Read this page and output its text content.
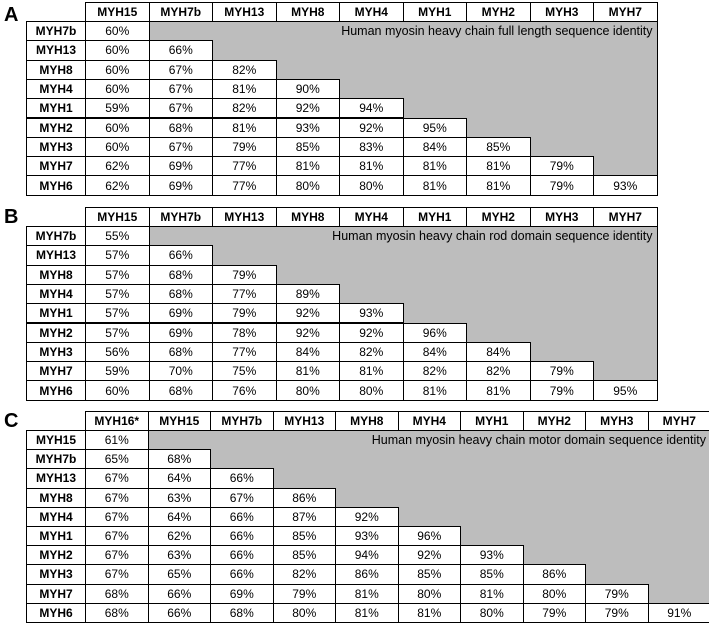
A
Human myosin heavy chain full length sequence identity
MYH15	MYH7b	MYH13	MYH8	MYH4	MYH1	MYH2	MYH3	MYH7
MYH7b	60%
MYH13	60%	66%
MYH8	60%	67%	82%
MYH4	60%	67%	81%	90%
MYH1	59%	67%	82%	92%	94%
MYH2	60%	68%	81%	93%	92%	95%
MYH3	60%	67%	79%	85%	83%	84%	85%
MYH7	62%	69%	77%	81%	81%	81%	81%	79%
MYH6	62%	69%	77%	80%	80%	81%	81%	79%	93%
B
Human myosin heavy chain rod domain sequence identity
MYH15	MYH7b	MYH13	MYH8	MYH4	MYH1	MYH2	MYH3	MYH7
MYH7b	55%
MYH13	57%	66%
MYH8	57%	68%	79%
MYH4	57%	68%	77%	89%
MYH1	57%	69%	79%	92%	93%
MYH2	57%	69%	78%	92%	92%	96%
MYH3	56%	68%	77%	84%	82%	84%	84%
MYH7	59%	70%	75%	81%	81%	82%	82%	79%
MYH6	60%	68%	76%	80%	80%	81%	81%	79%	95%
C
Human myosin heavy chain motor domain sequence identity
MYH16*	MYH15	MYH7b	MYH13	MYH8	MYH4	MYH1	MYH2	MYH3	MYH7
MYH15	61%
MYH7b	65%	68%
MYH13	67%	64%	66%
MYH8	67%	63%	67%	86%
MYH4	67%	64%	66%	87%	92%
MYH1	67%	62%	66%	85%	93%	96%
MYH2	67%	63%	66%	85%	94%	92%	93%
MYH3	67%	65%	66%	82%	86%	85%	85%	86%
MYH7	68%	66%	69%	79%	81%	80%	81%	80%	79%
MYH6	68%	66%	68%	80%	81%	81%	80%	79%	79%	91%
